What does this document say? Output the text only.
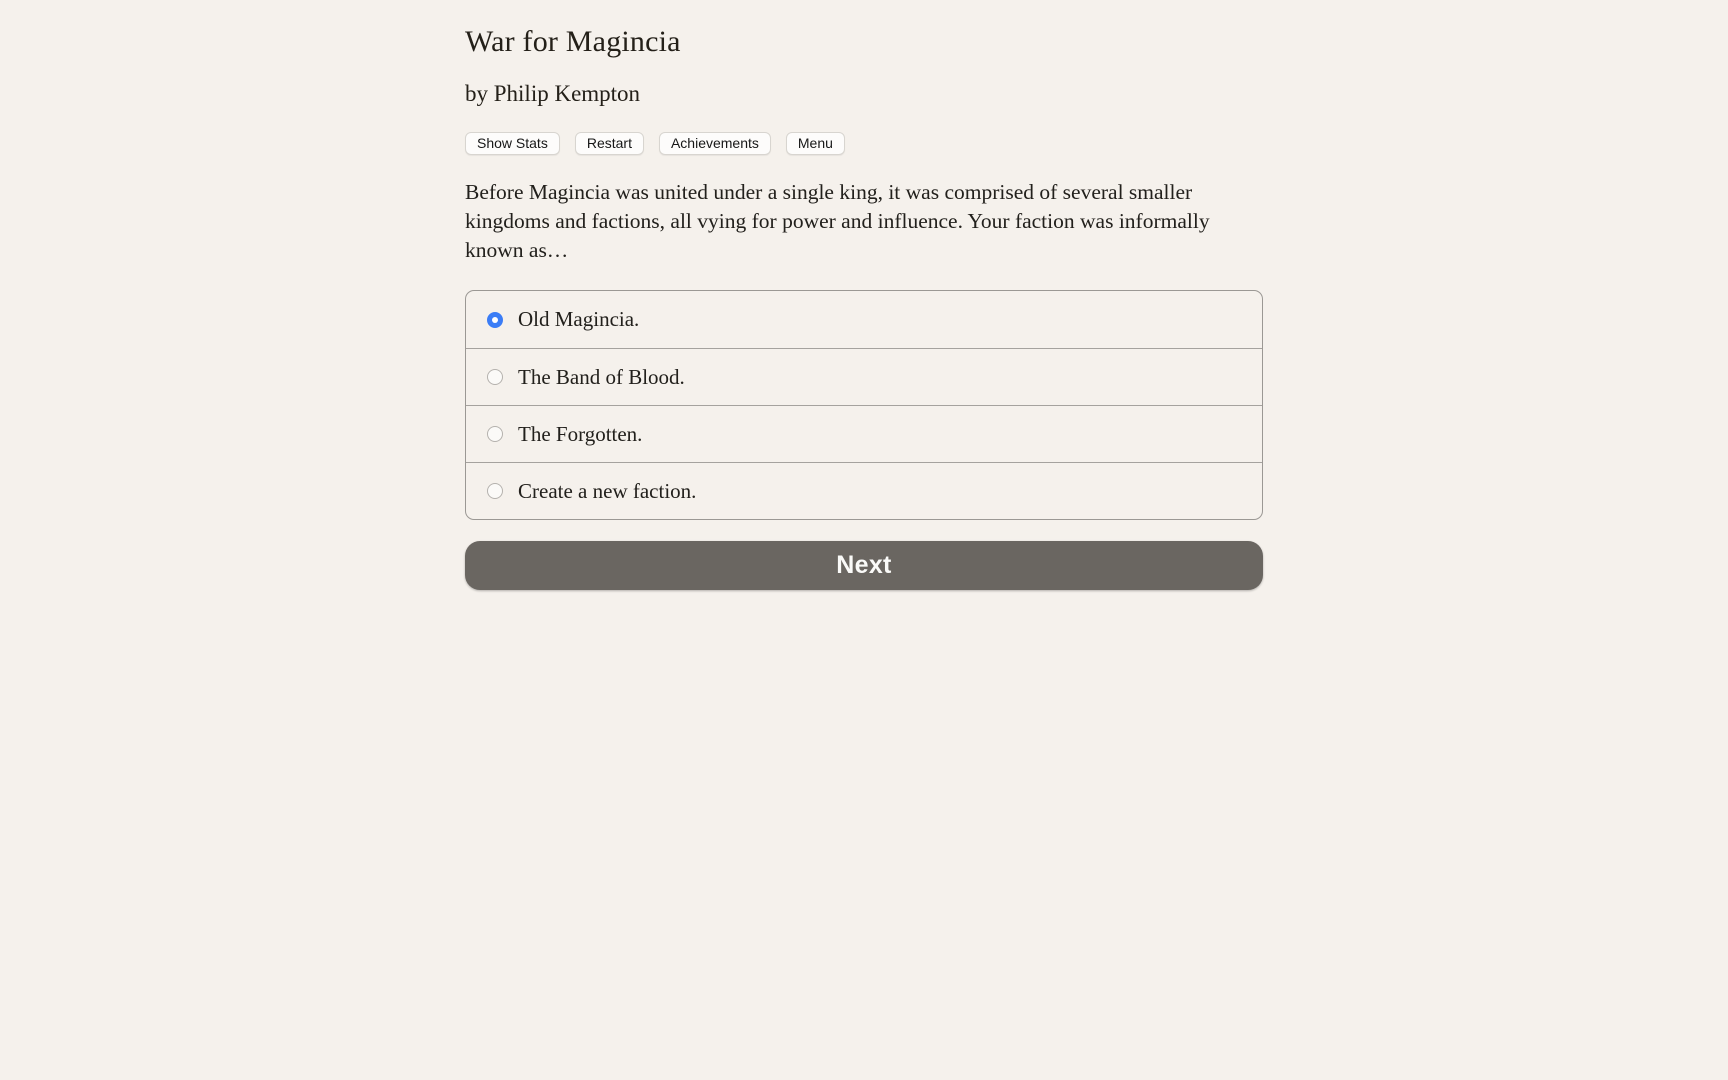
War for Magincia
by Philip Kempton
Show Stats	Restart	Achievements	Menu

Before Magincia was united under a single king, it was comprised of several smaller kingdoms and factions, all vying for power and influence. Your faction was informally known as…

Old Magincia.
The Band of Blood.
The Forgotten.
Create a new faction.
Next
